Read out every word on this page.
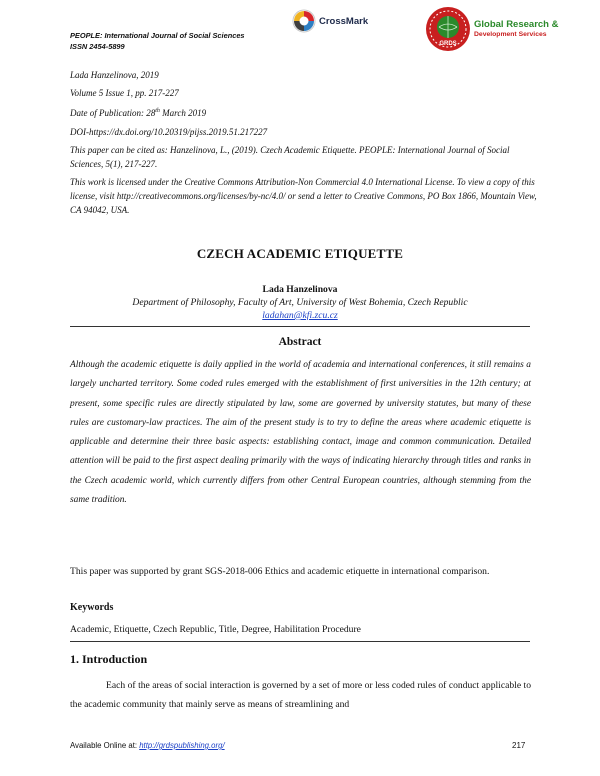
PEOPLE: International Journal of Social Sciences
ISSN 2454-5899
CrossMark
GRDS
Global Research &
Development Services
Lada Hanzelinova, 2019
Volume 5 Issue 1, pp. 217-227
Date of Publication: 28th March 2019
DOI-https://dx.doi.org/10.20319/pijss.2019.51.217227
This paper can be cited as: Hanzelinova, L., (2019). Czech Academic Etiquette. PEOPLE: International Journal of Social Sciences, 5(1), 217-227.
This work is licensed under the Creative Commons Attribution-Non Commercial 4.0 International License. To view a copy of this license, visit http://creativecommons.org/licenses/by-nc/4.0/ or send a letter to Creative Commons, PO Box 1866, Mountain View, CA 94042, USA.
CZECH ACADEMIC ETIQUETTE
Lada Hanzelinova
Department of Philosophy, Faculty of Art, University of West Bohemia, Czech Republic
ladahan@kfi.zcu.cz
Abstract
Although the academic etiquette is daily applied in the world of academia and international conferences, it still remains a largely uncharted territory. Some coded rules emerged with the establishment of first universities in the 12th century; at present, some specific rules are directly stipulated by law, some are governed by university statutes, but many of these rules are customary-law practices. The aim of the present study is to try to define the areas where academic etiquette is applicable and determine their three basic aspects: establishing contact, image and common communication. Detailed attention will be paid to the first aspect dealing primarily with the ways of indicating hierarchy through titles and ranks in the Czech academic world, which currently differs from other Central European countries, although stemming from the same tradition.
This paper was supported by grant SGS-2018-006 Ethics and academic etiquette in international comparison.
Keywords
Academic, Etiquette, Czech Republic, Title, Degree, Habilitation Procedure
1. Introduction
Each of the areas of social interaction is governed by a set of more or less coded rules of conduct applicable to the academic community that mainly serve as means of streamlining and
Available Online at: http://grdspublishing.org/	217
